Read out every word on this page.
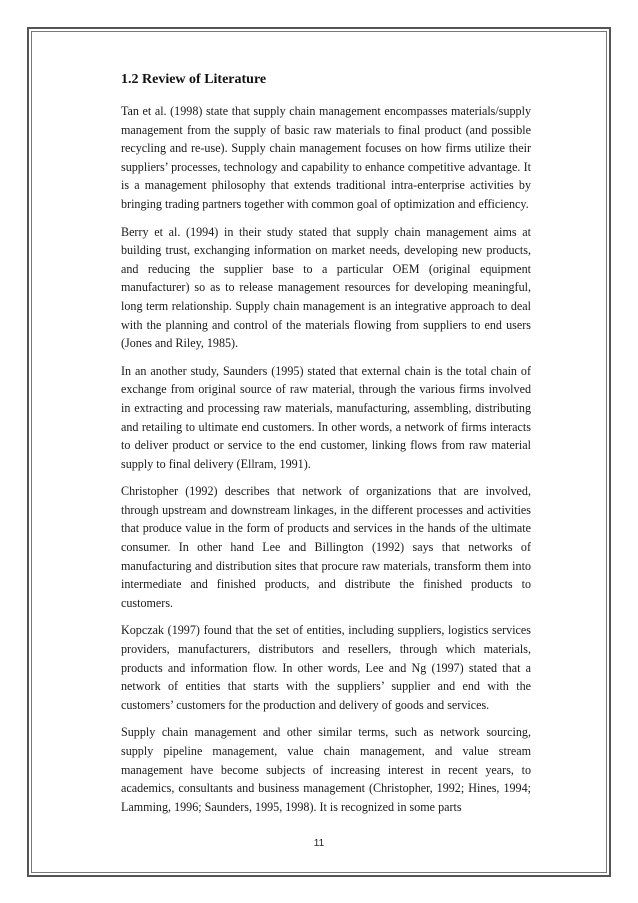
1.2 Review of Literature

Tan et al. (1998) state that supply chain management encompasses materials/supply management from the supply of basic raw materials to final product (and possible recycling and re-use). Supply chain management focuses on how firms utilize their suppliers’ processes, technology and capability to enhance competitive advantage. It is a management philosophy that extends traditional intra-enterprise activities by bringing trading partners together with common goal of optimization and efficiency.

Berry et al. (1994) in their study stated that supply chain management aims at building trust, exchanging information on market needs, developing new products, and reducing the supplier base to a particular OEM (original equipment manufacturer) so as to release management resources for developing meaningful, long term relationship. Supply chain management is an integrative approach to deal with the planning and control of the materials flowing from suppliers to end users (Jones and Riley, 1985).

In an another study, Saunders (1995) stated that external chain is the total chain of exchange from original source of raw material, through the various firms involved in extracting and processing raw materials, manufacturing, assembling, distributing and retailing to ultimate end customers. In other words, a network of firms interacts to deliver product or service to the end customer, linking flows from raw material supply to final delivery (Ellram, 1991).

Christopher (1992) describes that network of organizations that are involved, through upstream and downstream linkages, in the different processes and activities that produce value in the form of products and services in the hands of the ultimate consumer. In other hand Lee and Billington (1992) says that networks of manufacturing and distribution sites that procure raw materials, transform them into intermediate and finished products, and distribute the finished products to customers.

Kopczak (1997) found that the set of entities, including suppliers, logistics services providers, manufacturers, distributors and resellers, through which materials, products and information flow. In other words, Lee and Ng (1997) stated that a network of entities that starts with the suppliers’ supplier and end with the customers’ customers for the production and delivery of goods and services.

Supply chain management and other similar terms, such as network sourcing, supply pipeline management, value chain management, and value stream management have become subjects of increasing interest in recent years, to academics, consultants and business management (Christopher, 1992; Hines, 1994; Lamming, 1996; Saunders, 1995, 1998). It is recognized in some parts

11
